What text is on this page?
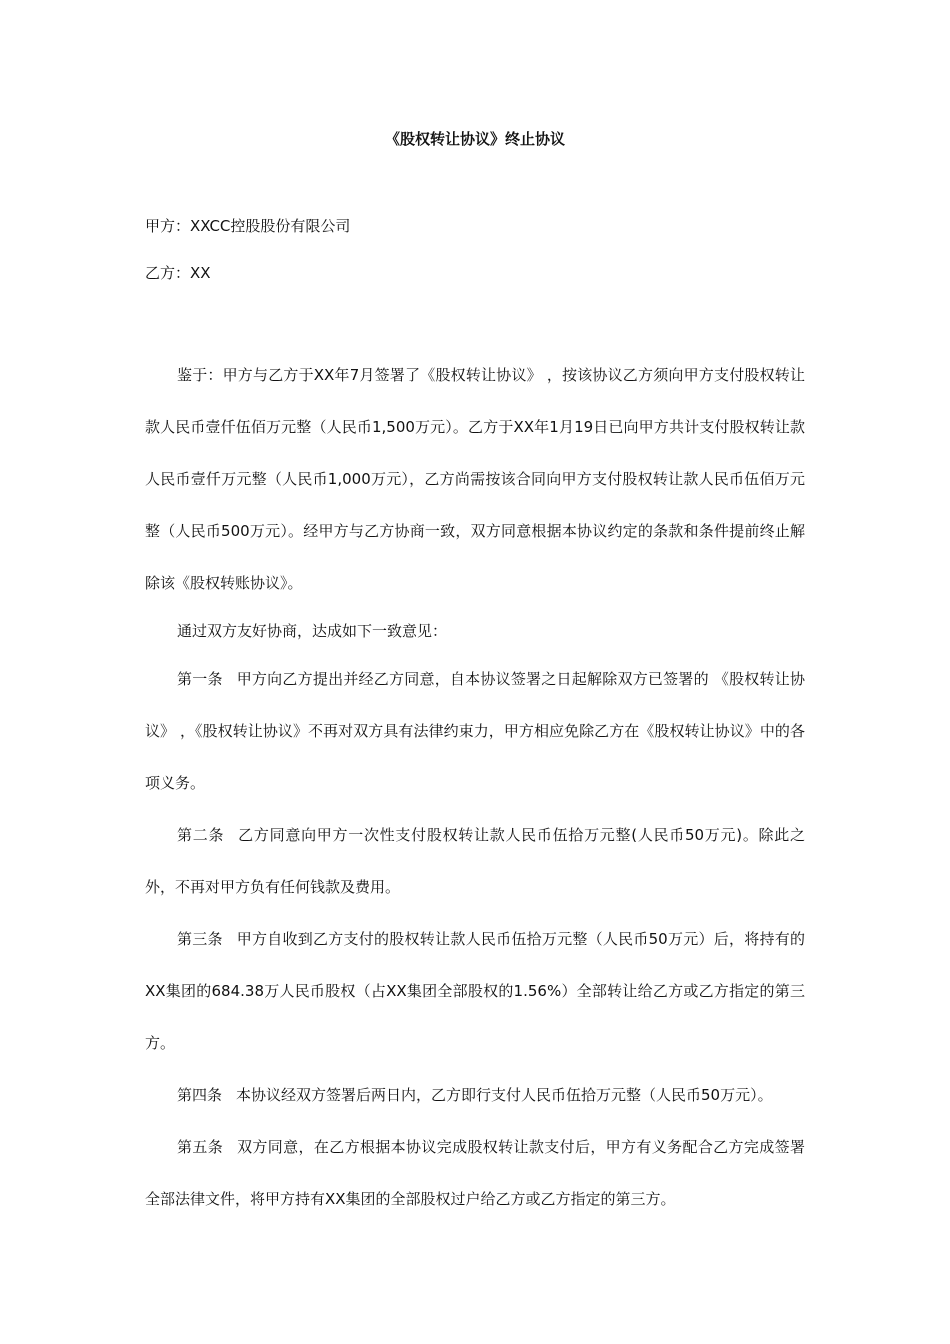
《股权转让协议》终止协议
甲方：XXCC控股股份有限公司
乙方：XX

鉴于：甲方与乙方于XX年7月签署了《股权转让协议》 ，按该协议乙方须向甲方支付股权转让款人民币壹仟伍佰万元整（人民币1,500万元）。乙方于XX年1月19日已向甲方共计支付股权转让款人民币壹仟万元整（人民币1,000万元），乙方尚需按该合同向甲方支付股权转让款人民币伍佰万元整（人民币500万元）。经甲方与乙方协商一致，双方同意根据本协议约定的条款和条件提前终止解除该《股权转账协议》。

通过双方友好协商，达成如下一致意见：

第一条 甲方向乙方提出并经乙方同意，自本协议签署之日起解除双方已签署的 《股权转让协议》 ，《股权转让协议》不再对双方具有法律约束力，甲方相应免除乙方在《股权转让协议》中的各项义务。

第二条 乙方同意向甲方一次性支付股权转让款人民币伍拾万元整(人民币50万元)。除此之外，不再对甲方负有任何钱款及费用。

第三条 甲方自收到乙方支付的股权转让款人民币伍拾万元整（人民币50万元）后，将持有的XX集团的684.38万人民币股权（占XX集团全部股权的1.56%）全部转让给乙方或乙方指定的第三方。

第四条 本协议经双方签署后两日内，乙方即行支付人民币伍拾万元整（人民币50万元）。

第五条 双方同意，在乙方根据本协议完成股权转让款支付后，甲方有义务配合乙方完成签署全部法律文件，将甲方持有XX集团的全部股权过户给乙方或乙方指定的第三方。
